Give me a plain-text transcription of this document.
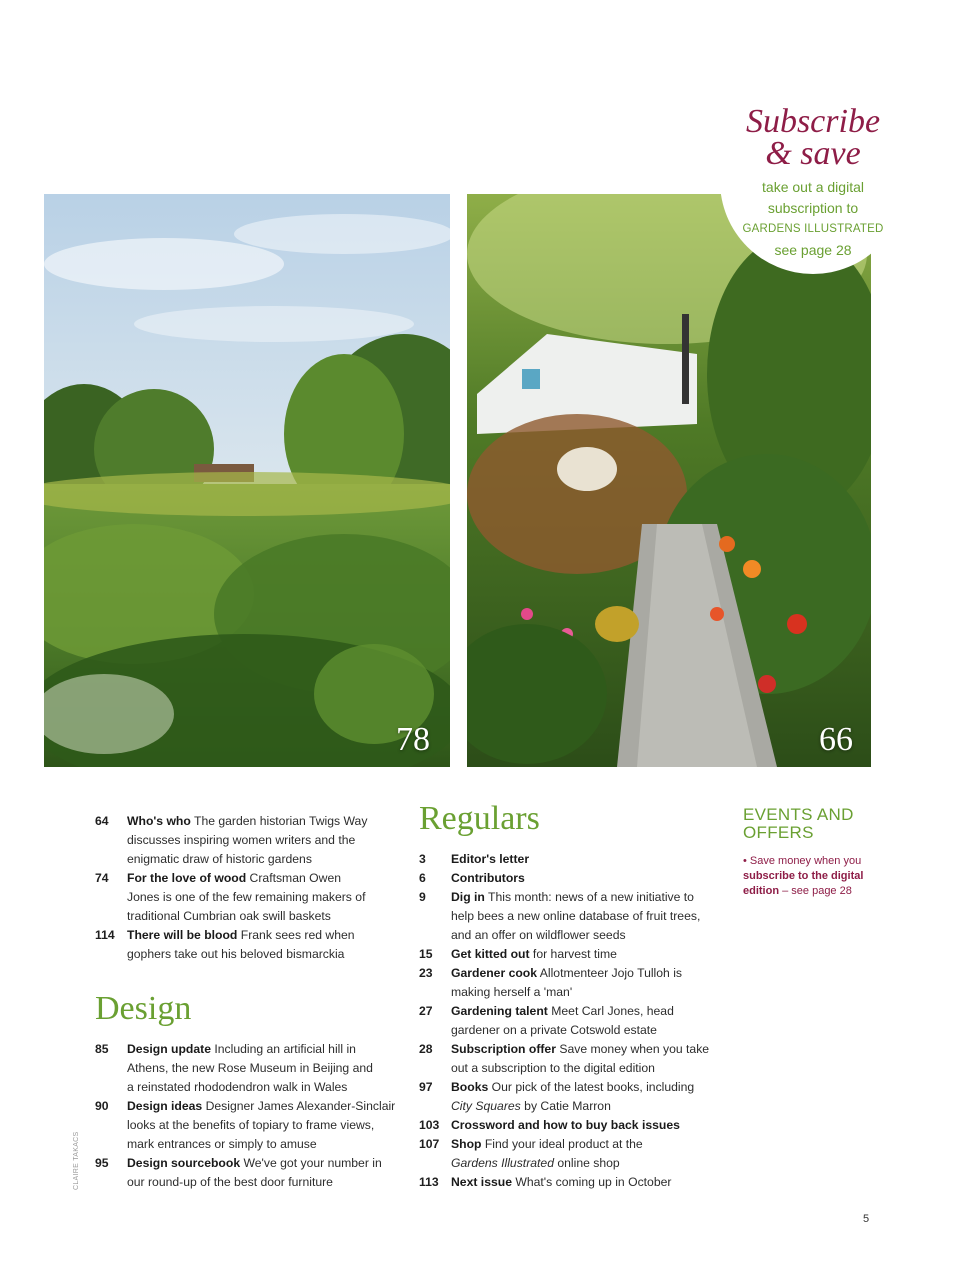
78	66
Subscribe
& save
take out a digital
subscription to
GARDENS ILLUSTRATED
see page 28
64 Who's who The garden historian Twigs Way
discusses inspiring women writers and the
enigmatic draw of historic gardens
74 For the love of wood Craftsman Owen
Jones is one of the few remaining makers of
traditional Cumbrian oak swill baskets
114 There will be blood Frank sees red when
gophers take out his beloved bismarckia
Design
85 Design update Including an artificial hill in
Athens, the new Rose Museum in Beijing and
a reinstated rhododendron walk in Wales
90 Design ideas Designer James Alexander-Sinclair
looks at the benefits of topiary to frame views,
mark entrances or simply to amuse
95 Design sourcebook We've got your number in
our round-up of the best door furniture
Regulars
3 Editor's letter
6 Contributors
9 Dig in This month: news of a new initiative to
help bees a new online database of fruit trees,
and an offer on wildflower seeds
15 Get kitted out for harvest time
23 Gardener cook Allotmenteer Jojo Tulloh is
making herself a 'man'
27 Gardening talent Meet Carl Jones, head
gardener on a private Cotswold estate
28 Subscription offer Save money when you take
out a subscription to the digital edition
97 Books Our pick of the latest books, including
City Squares by Catie Marron
103 Crossword and how to buy back issues
107 Shop Find your ideal product at the
Gardens Illustrated online shop
113 Next issue What's coming up in October
EVENTS AND
OFFERS
• Save money when you
subscribe to the digital
edition – see page 28
CLAIRE TAKACS
5
